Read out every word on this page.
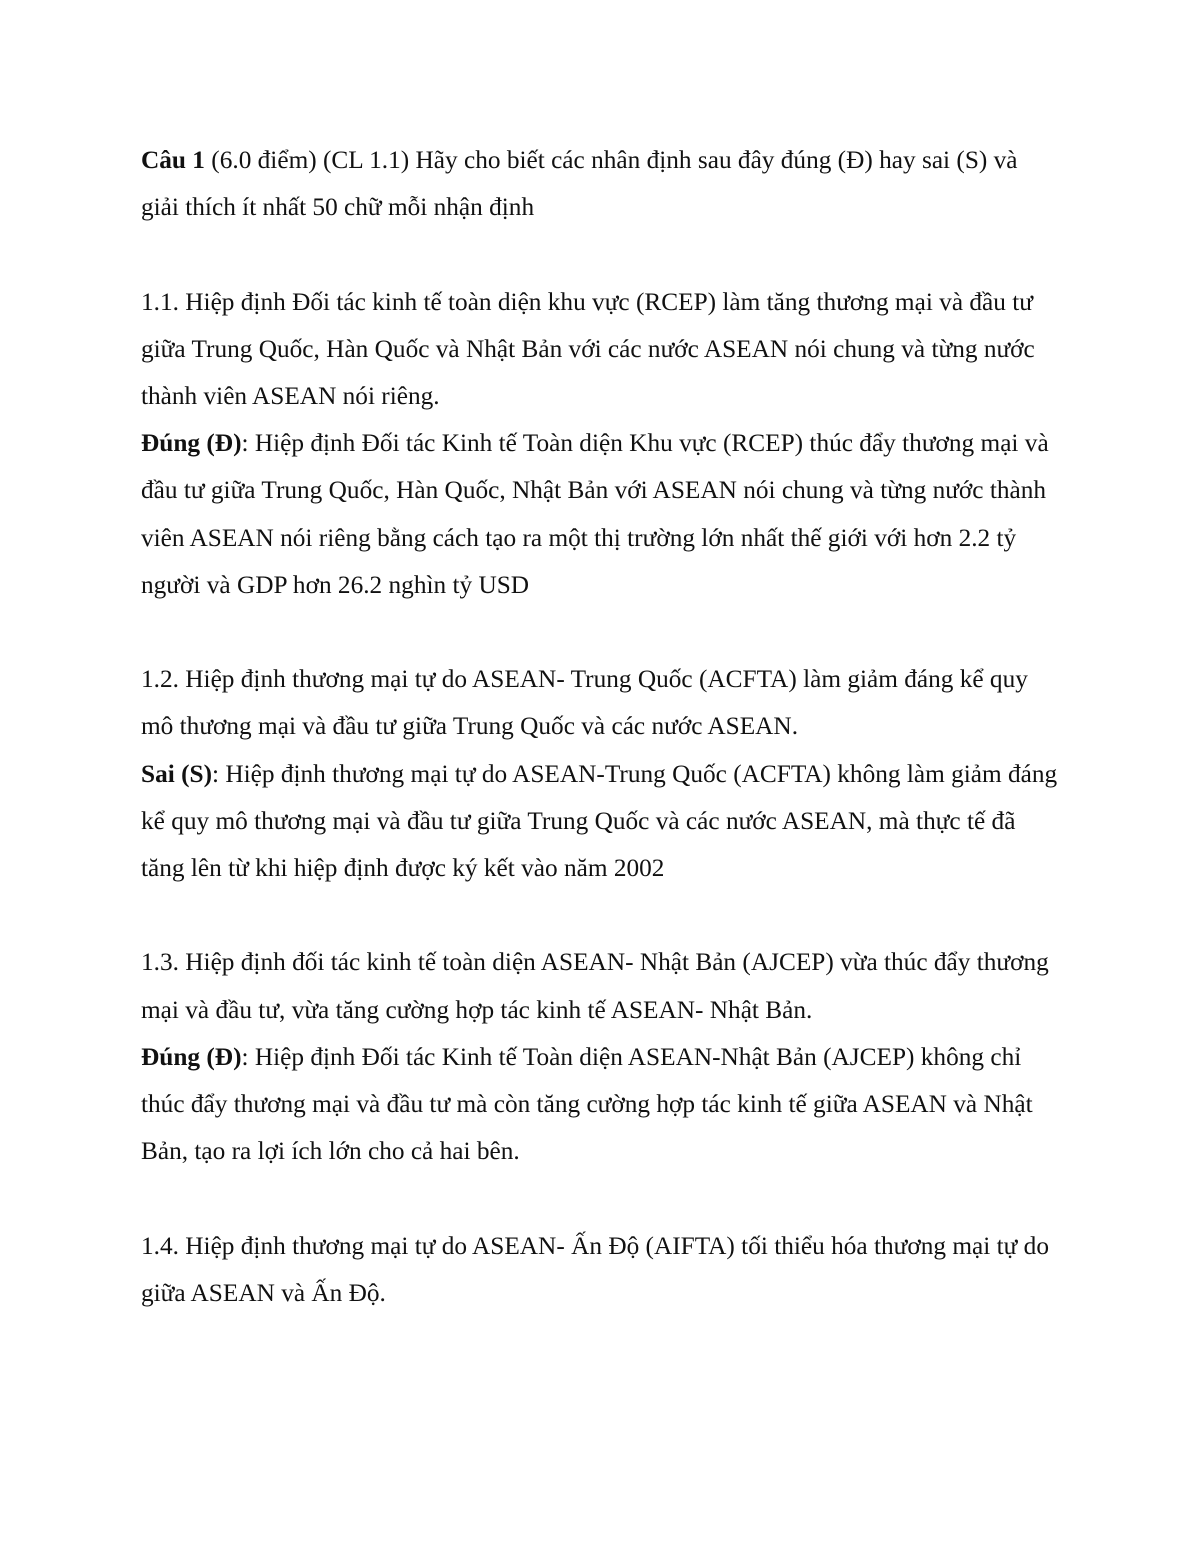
Câu 1 (6.0 điểm) (CL 1.1) Hãy cho biết các nhân định sau đây đúng (Đ) hay sai (S) và giải thích ít nhất 50 chữ mỗi nhận định

1.1. Hiệp định Đối tác kinh tế toàn diện khu vực (RCEP) làm tăng thương mại và đầu tư giữa Trung Quốc, Hàn Quốc và Nhật Bản với các nước ASEAN nói chung và từng nước thành viên ASEAN nói riêng.

Đúng (Đ): Hiệp định Đối tác Kinh tế Toàn diện Khu vực (RCEP) thúc đẩy thương mại và đầu tư giữa Trung Quốc, Hàn Quốc, Nhật Bản với ASEAN nói chung và từng nước thành viên ASEAN nói riêng bằng cách tạo ra một thị trường lớn nhất thế giới với hơn 2.2 tỷ người và GDP hơn 26.2 nghìn tỷ USD

1.2. Hiệp định thương mại tự do ASEAN- Trung Quốc (ACFTA) làm giảm đáng kể quy mô thương mại và đầu tư giữa Trung Quốc và các nước ASEAN.

Sai (S): Hiệp định thương mại tự do ASEAN-Trung Quốc (ACFTA) không làm giảm đáng kể quy mô thương mại và đầu tư giữa Trung Quốc và các nước ASEAN, mà thực tế đã tăng lên từ khi hiệp định được ký kết vào năm 2002

1.3. Hiệp định đối tác kinh tế toàn diện ASEAN- Nhật Bản (AJCEP) vừa thúc đẩy thương mại và đầu tư, vừa tăng cường hợp tác kinh tế ASEAN- Nhật Bản.

Đúng (Đ): Hiệp định Đối tác Kinh tế Toàn diện ASEAN-Nhật Bản (AJCEP) không chỉ thúc đẩy thương mại và đầu tư mà còn tăng cường hợp tác kinh tế giữa ASEAN và Nhật Bản, tạo ra lợi ích lớn cho cả hai bên.

1.4. Hiệp định thương mại tự do ASEAN- Ấn Độ (AIFTA) tối thiểu hóa thương mại tự do giữa ASEAN và Ấn Độ.
